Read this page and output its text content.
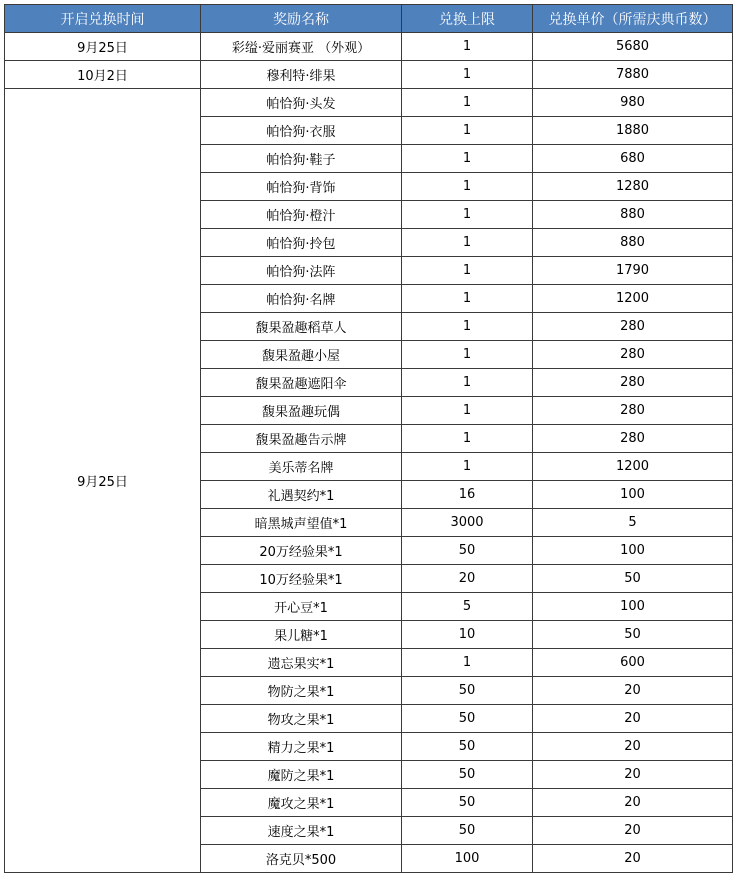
开启兑换时间	奖励名称	兑换上限	兑换单价（所需庆典币数）
9月25日	彩缢·爱丽赛亚 （外观）	1	5680
10月2日	穆利特·绯果	1	7880
9月25日	帕恰狗·头发	1	980
	帕恰狗·衣服	1	1880
	帕恰狗·鞋子	1	680
	帕恰狗·背饰	1	1280
	帕恰狗·橙汁	1	880
	帕恰狗·拎包	1	880
	帕恰狗·法阵	1	1790
	帕恰狗·名牌	1	1200
	馥果盈趣稻草人	1	280
	馥果盈趣小屋	1	280
	馥果盈趣遮阳伞	1	280
	馥果盈趣玩偶	1	280
	馥果盈趣告示牌	1	280
	美乐蒂名牌	1	1200
	礼遇契约*1	16	100
	暗黑城声望值*1	3000	5
	20万经验果*1	50	100
	10万经验果*1	20	50
	开心豆*1	5	100
	果儿糖*1	10	50
	遗忘果实*1	1	600
	物防之果*1	50	20
	物攻之果*1	50	20
	精力之果*1	50	20
	魔防之果*1	50	20
	魔攻之果*1	50	20
	速度之果*1	50	20
	洛克贝*500	100	20
